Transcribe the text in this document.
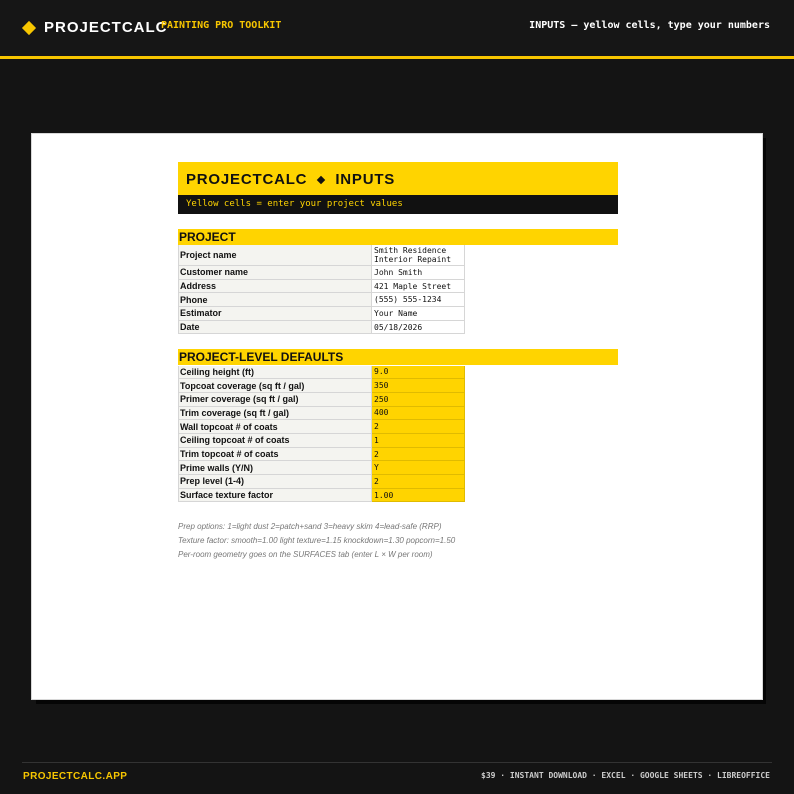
PROJECTCALC
PAINTING PRO TOOLKIT	INPUTS — yellow cells, type your numbers
PROJECTCALC INPUTS
Yellow cells = enter your project values
PROJECT
Project name	Smith Residence
Interior Repaint
Customer name	John Smith
Address	421 Maple Street
Phone	(555) 555-1234
Estimator	Your Name
Date	05/18/2026
PROJECT-LEVEL DEFAULTS
Ceiling height (ft)	9.0
Topcoat coverage (sq ft / gal)	350
Primer coverage (sq ft / gal)	250
Trim coverage (sq ft / gal)	400
Wall topcoat # of coats	2
Ceiling topcoat # of coats	1
Trim topcoat # of coats	2
Prime walls (Y/N)	Y
Prep level (1-4)	2
Surface texture factor	1.00
Prep options: 1=light dust 2=patch+sand 3=heavy skim 4=lead-safe (RRP)
Texture factor: smooth=1.00 light texture=1.15 knockdown=1.30 popcorn=1.50
Per-room geometry goes on the SURFACES tab (enter L × W per room)
PROJECTCALC.APP	$39 · INSTANT DOWNLOAD · EXCEL · GOOGLE SHEETS · LIBREOFFICE
